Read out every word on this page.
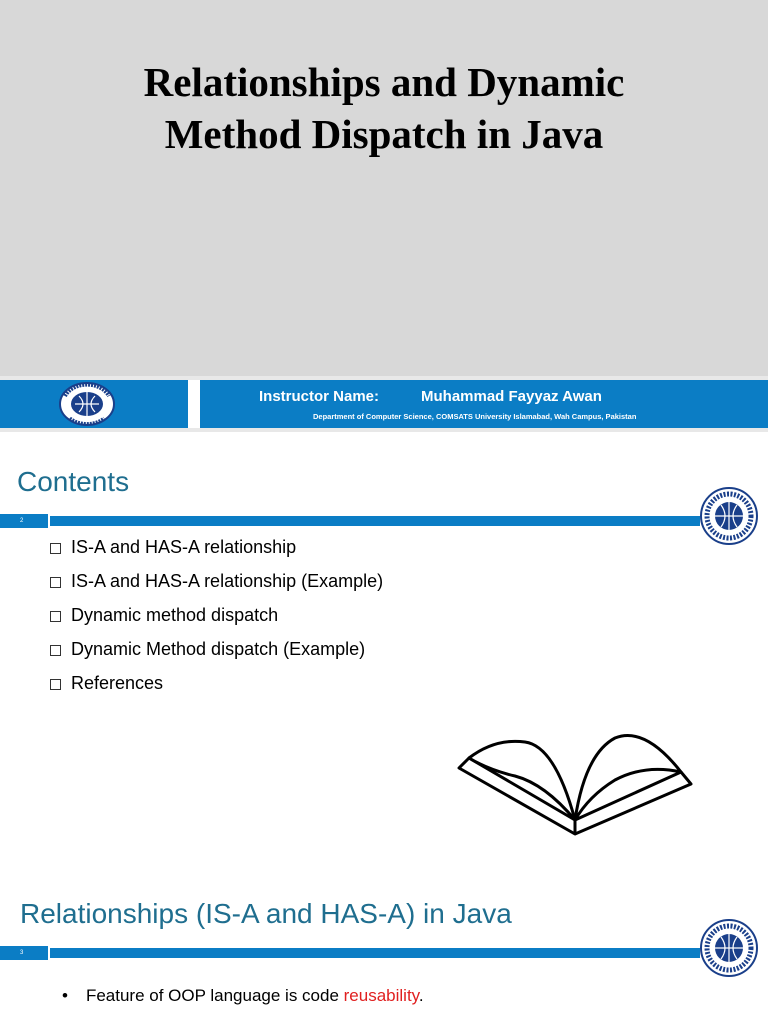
Relationships and Dynamic
Method Dispatch in Java
Instructor Name:	Muhammad Fayyaz Awan
Department of Computer Science, COMSATS University Islamabad, Wah Campus, Pakistan
Contents
2
IS-A and HAS-A relationship
IS-A and HAS-A relationship (Example)
Dynamic method dispatch
Dynamic Method dispatch (Example)
References
Relationships (IS-A and HAS-A) in Java
3
• Feature of OOP language is code reusability.
